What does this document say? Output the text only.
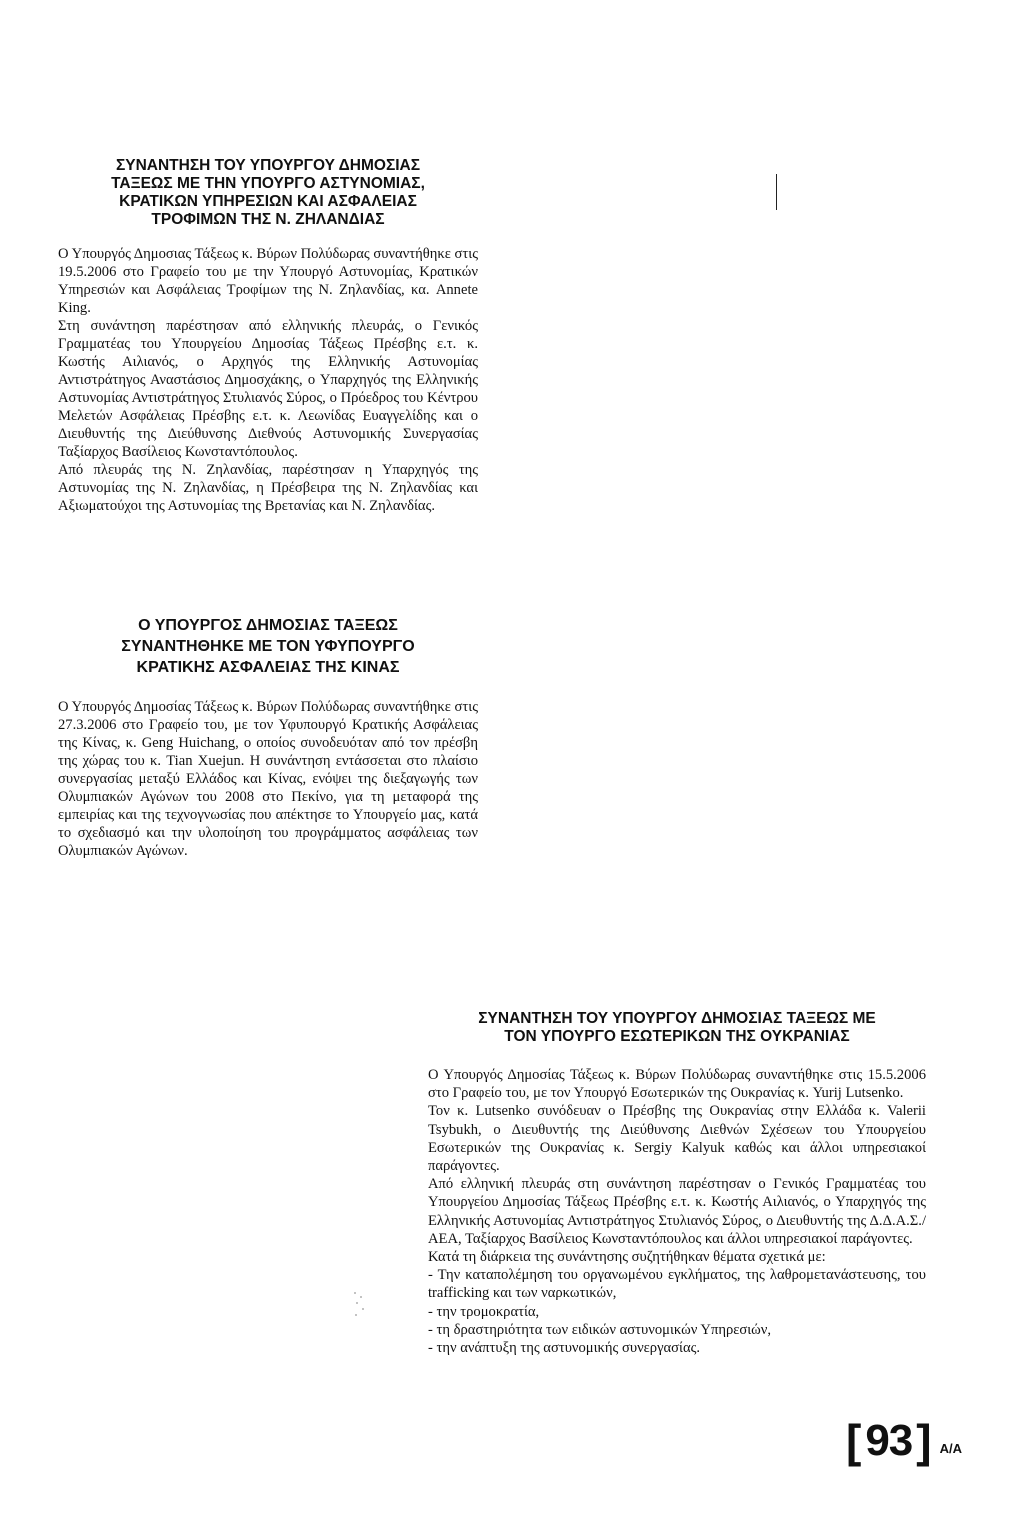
ΣΥΝΑΝΤΗΣΗ ΤΟΥ ΥΠΟΥΡΓΟΥ ΔΗΜΟΣΙΑΣ
ΤΑΞΕΩΣ ΜΕ ΤΗΝ ΥΠΟΥΡΓΟ ΑΣΤΥΝΟΜΙΑΣ,
ΚΡΑΤΙΚΩΝ ΥΠΗΡΕΣΙΩΝ ΚΑΙ ΑΣΦΑΛΕΙΑΣ
ΤΡΟΦΙΜΩΝ ΤΗΣ Ν. ΖΗΛΑΝΔΙΑΣ

Ο Υπουργός Δημοσιας Τάξεως κ. Βύρων Πολύδωρας συναντήθηκε στις 19.5.2006 στο Γραφείο του με την Υπουργό Αστυνομίας, Κρατικών Υπηρεσιών και Ασφάλειας Τροφίμων της Ν. Ζηλανδίας, κα. Annete King.

Στη συνάντηση παρέστησαν από ελληνικής πλευράς, ο Γενικός Γραμματέας του Υπουργείου Δημοσίας Τάξεως Πρέσβης ε.τ. κ. Κωστής Αιλιανός, ο Αρχηγός της Ελληνικής Αστυνομίας Αντιστράτηγος Αναστάσιος Δημοσχάκης, ο Υπαρχηγός της Ελληνικής Αστυνομίας Αντιστράτηγος Στυλιανός Σύρος, ο Πρόεδρος του Κέντρου Μελετών Ασφάλειας Πρέσβης ε.τ. κ. Λεωνίδας Ευαγγελίδης και ο Διευθυντής της Διεύθυνσης Διεθνούς Αστυνομικής Συνεργασίας Ταξίαρχος Βασίλειος Κωνσταντόπουλος.

Από πλευράς της Ν. Ζηλανδίας, παρέστησαν η Υπαρχηγός της Αστυνομίας της Ν. Ζηλανδίας, η Πρέσβειρα της Ν. Ζηλανδίας και Αξιωματούχοι της Αστυνομίας της Βρετανίας και Ν. Ζηλανδίας.

Ο ΥΠΟΥΡΓΟΣ ΔΗΜΟΣΙΑΣ ΤΑΞΕΩΣ
ΣΥΝΑΝΤΗΘΗΚΕ ΜΕ ΤΟΝ ΥΦΥΠΟΥΡΓΟ
ΚΡΑΤΙΚΗΣ ΑΣΦΑΛΕΙΑΣ ΤΗΣ ΚΙΝΑΣ

Ο Υπουργός Δημοσίας Τάξεως κ. Βύρων Πολύδωρας συναντήθηκε στις 27.3.2006 στο Γραφείο του, με τον Υφυπουργό Κρατικής Ασφάλειας της Κίνας, κ. Geng Huichang, ο οποίος συνοδευόταν από τον πρέσβη της χώρας του κ. Tian Xuejun. Η συνάντηση εντάσσεται στο πλαίσιο συνεργασίας μεταξύ Ελλάδος και Κίνας, ενόψει της διεξαγωγής των Ολυμπιακών Αγώνων του 2008 στο Πεκίνο, για τη μεταφορά της εμπειρίας και της τεχνογνωσίας που απέκτησε το Υπουργείο μας, κατά το σχεδιασμό και την υλοποίηση του προγράμματος ασφάλειας των Ολυμπιακών Αγώνων.

ΣΥΝΑΝΤΗΣΗ ΤΟΥ ΥΠΟΥΡΓΟΥ ΔΗΜΟΣΙΑΣ ΤΑΞΕΩΣ ΜΕ
ΤΟΝ ΥΠΟΥΡΓΟ ΕΣΩΤΕΡΙΚΩΝ ΤΗΣ ΟΥΚΡΑΝΙΑΣ

Ο Υπουργός Δημοσίας Τάξεως κ. Βύρων Πολύδωρας συναντήθηκε στις 15.5.2006 στο Γραφείο του, με τον Υπουργό Εσωτερικών της Ουκρανίας κ. Yurij Lutsenko.

Τον κ. Lutsenko συνόδευαν ο Πρέσβης της Ουκρανίας στην Ελλάδα κ. Valerii Tsybukh, ο Διευθυντής της Διεύθυνσης Διεθνών Σχέσεων του Υπουργείου Εσωτερικών της Ουκρανίας κ. Sergiy Kalyuk καθώς και άλλοι υπηρεσιακοί παράγοντες.

Από ελληνική πλευράς στη συνάντηση παρέστησαν ο Γενικός Γραμματέας του Υπουργείου Δημοσίας Τάξεως Πρέσβης ε.τ. κ. Κωστής Αιλιανός, ο Υπαρχηγός της Ελληνικής Αστυνομίας Αντιστράτηγος Στυλιανός Σύρος, ο Διευθυντής της Δ.Δ.Α.Σ./ΑΕΑ, Ταξίαρχος Βασίλειος Κωνσταντόπουλος και άλλοι υπηρεσιακοί παράγοντες.

Κατά τη διάρκεια της συνάντησης συζητήθηκαν θέματα σχετικά με:

- Την καταπολέμηση του οργανωμένου εγκλήματος, της λαθρομεταvάστευσης, του trafficking και των ναρκωτικών,
- την τρομοκρατία,
- τη δραστηριότητα των ειδικών αστυνομικών Υπηρεσιών,
- την ανάπτυξη της αστυνομικής συνεργασίας.
[ 93 ] A/A
